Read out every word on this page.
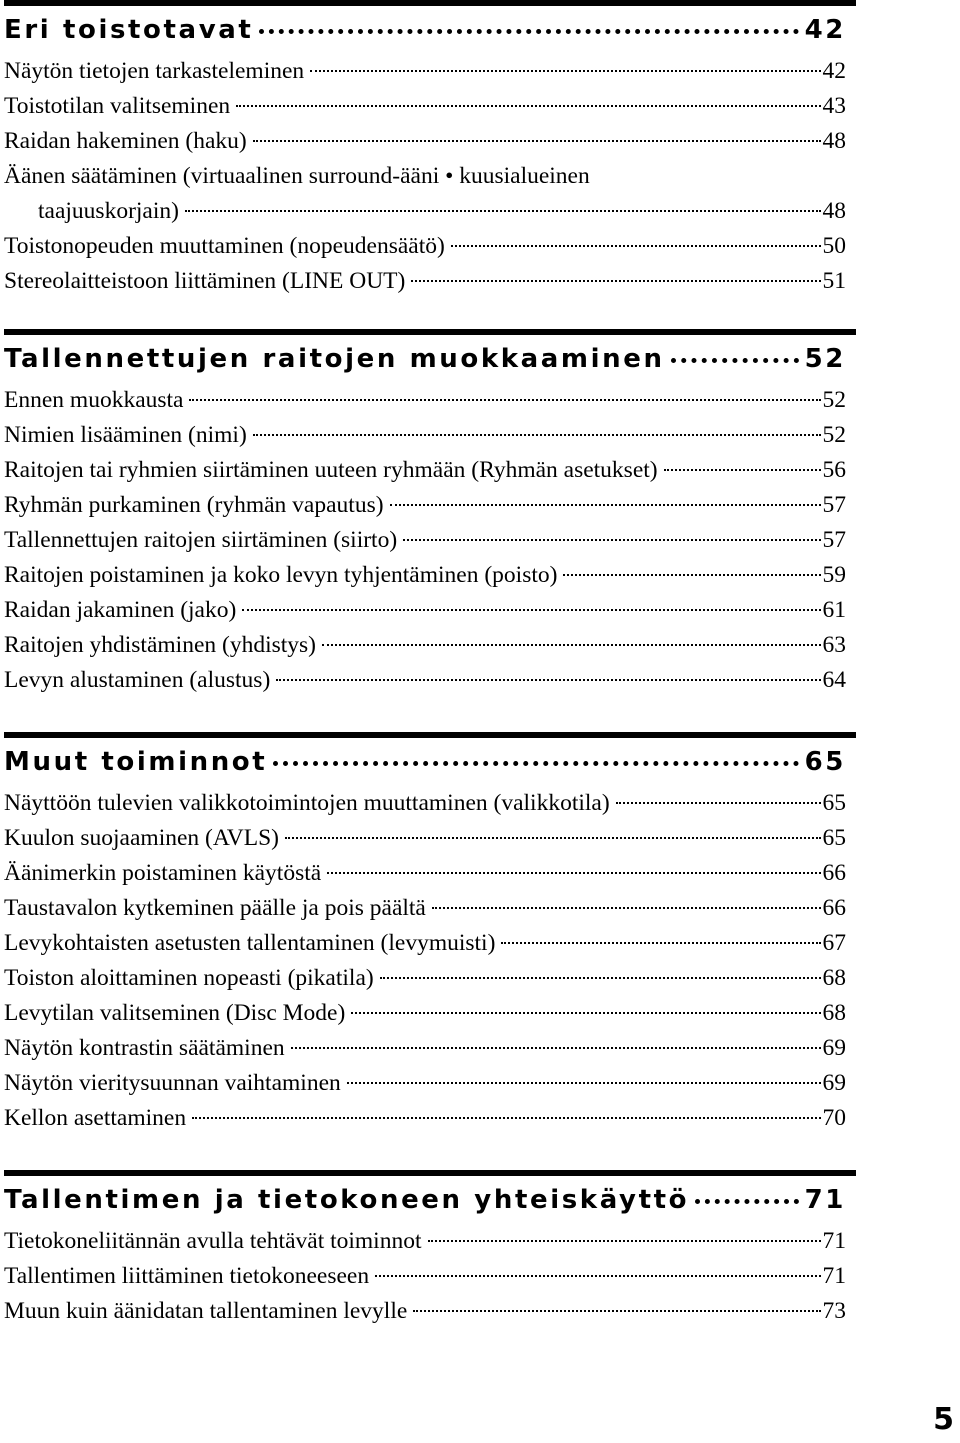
Eri toistotavat	42
Näytön tietojen tarkasteleminen	42
Toistotilan valitseminen	43
Raidan hakeminen (haku)	48
Äänen säätäminen (virtuaalinen surround-ääni • kuusialueinen
taajuuskorjain)	48
Toistonopeuden muuttaminen (nopeudensäätö)	50
Stereolaitteistoon liittäminen (LINE OUT)	51
Tallennettujen raitojen muokkaaminen	52
Ennen muokkausta	52
Nimien lisääminen (nimi)	52
Raitojen tai ryhmien siirtäminen uuteen ryhmään (Ryhmän asetukset)	56
Ryhmän purkaminen (ryhmän vapautus)	57
Tallennettujen raitojen siirtäminen (siirto)	57
Raitojen poistaminen ja koko levyn tyhjentäminen (poisto)	59
Raidan jakaminen (jako)	61
Raitojen yhdistäminen (yhdistys)	63
Levyn alustaminen (alustus)	64
Muut toiminnot	65
Näyttöön tulevien valikkotoimintojen muuttaminen (valikkotila)	65
Kuulon suojaaminen (AVLS)	65
Äänimerkin poistaminen käytöstä	66
Taustavalon kytkeminen päälle ja pois päältä	66
Levykohtaisten asetusten tallentaminen (levymuisti)	67
Toiston aloittaminen nopeasti (pikatila)	68
Levytilan valitseminen (Disc Mode)	68
Näytön kontrastin säätäminen	69
Näytön vieritysuunnan vaihtaminen	69
Kellon asettaminen	70
Tallentimen ja tietokoneen yhteiskäyttö	71
Tietokoneliitännän avulla tehtävät toiminnot	71
Tallentimen liittäminen tietokoneeseen	71
Muun kuin äänidatan tallentaminen levylle	73
5
